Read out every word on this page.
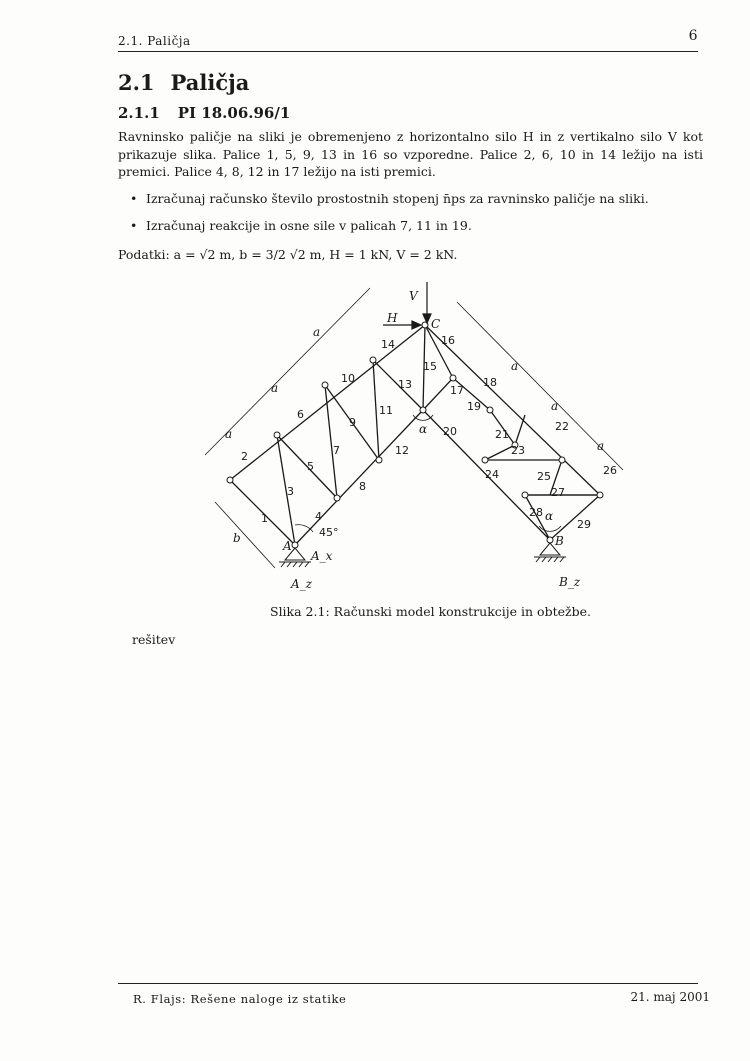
2.1. Paličja	6
2.1 Paličja
2.1.1 PI 18.06.96/1
Ravninsko paličje na sliki je obremenjeno z horizontalno silo H in z vertikalno silo V kot prikazuje slika. Palice 1, 5, 9, 13 in 16 so vzporedne. Palice 2, 6, 10 in 14 ležijo na isti premici. Palice 4, 8, 12 in 17 ležijo na isti premici.
• Izračunaj računsko število prostostnih stopenj n̄ps za ravninsko paličje na sliki.
• Izračunaj reakcije in osne sile v palicah 7, 11 in 19.
Podatki: a = √2 m, b = 3/2 √2 m, H = 1 kN, V = 2 kN.
1
2
3
4
5
6
7
8
9
10
11
12
13
14
15
16
17
18
19
20	21
22
23
24	25	26
27
28
29
A	B
C
V
H
a
a
a
a
a
a
b
α
α
45°
A_x
A_z	B_z
Slika 2.1: Računski model konstrukcije in obtežbe.
rešitev
R. Flajs: Rešene naloge iz statike	21. maj 2001
